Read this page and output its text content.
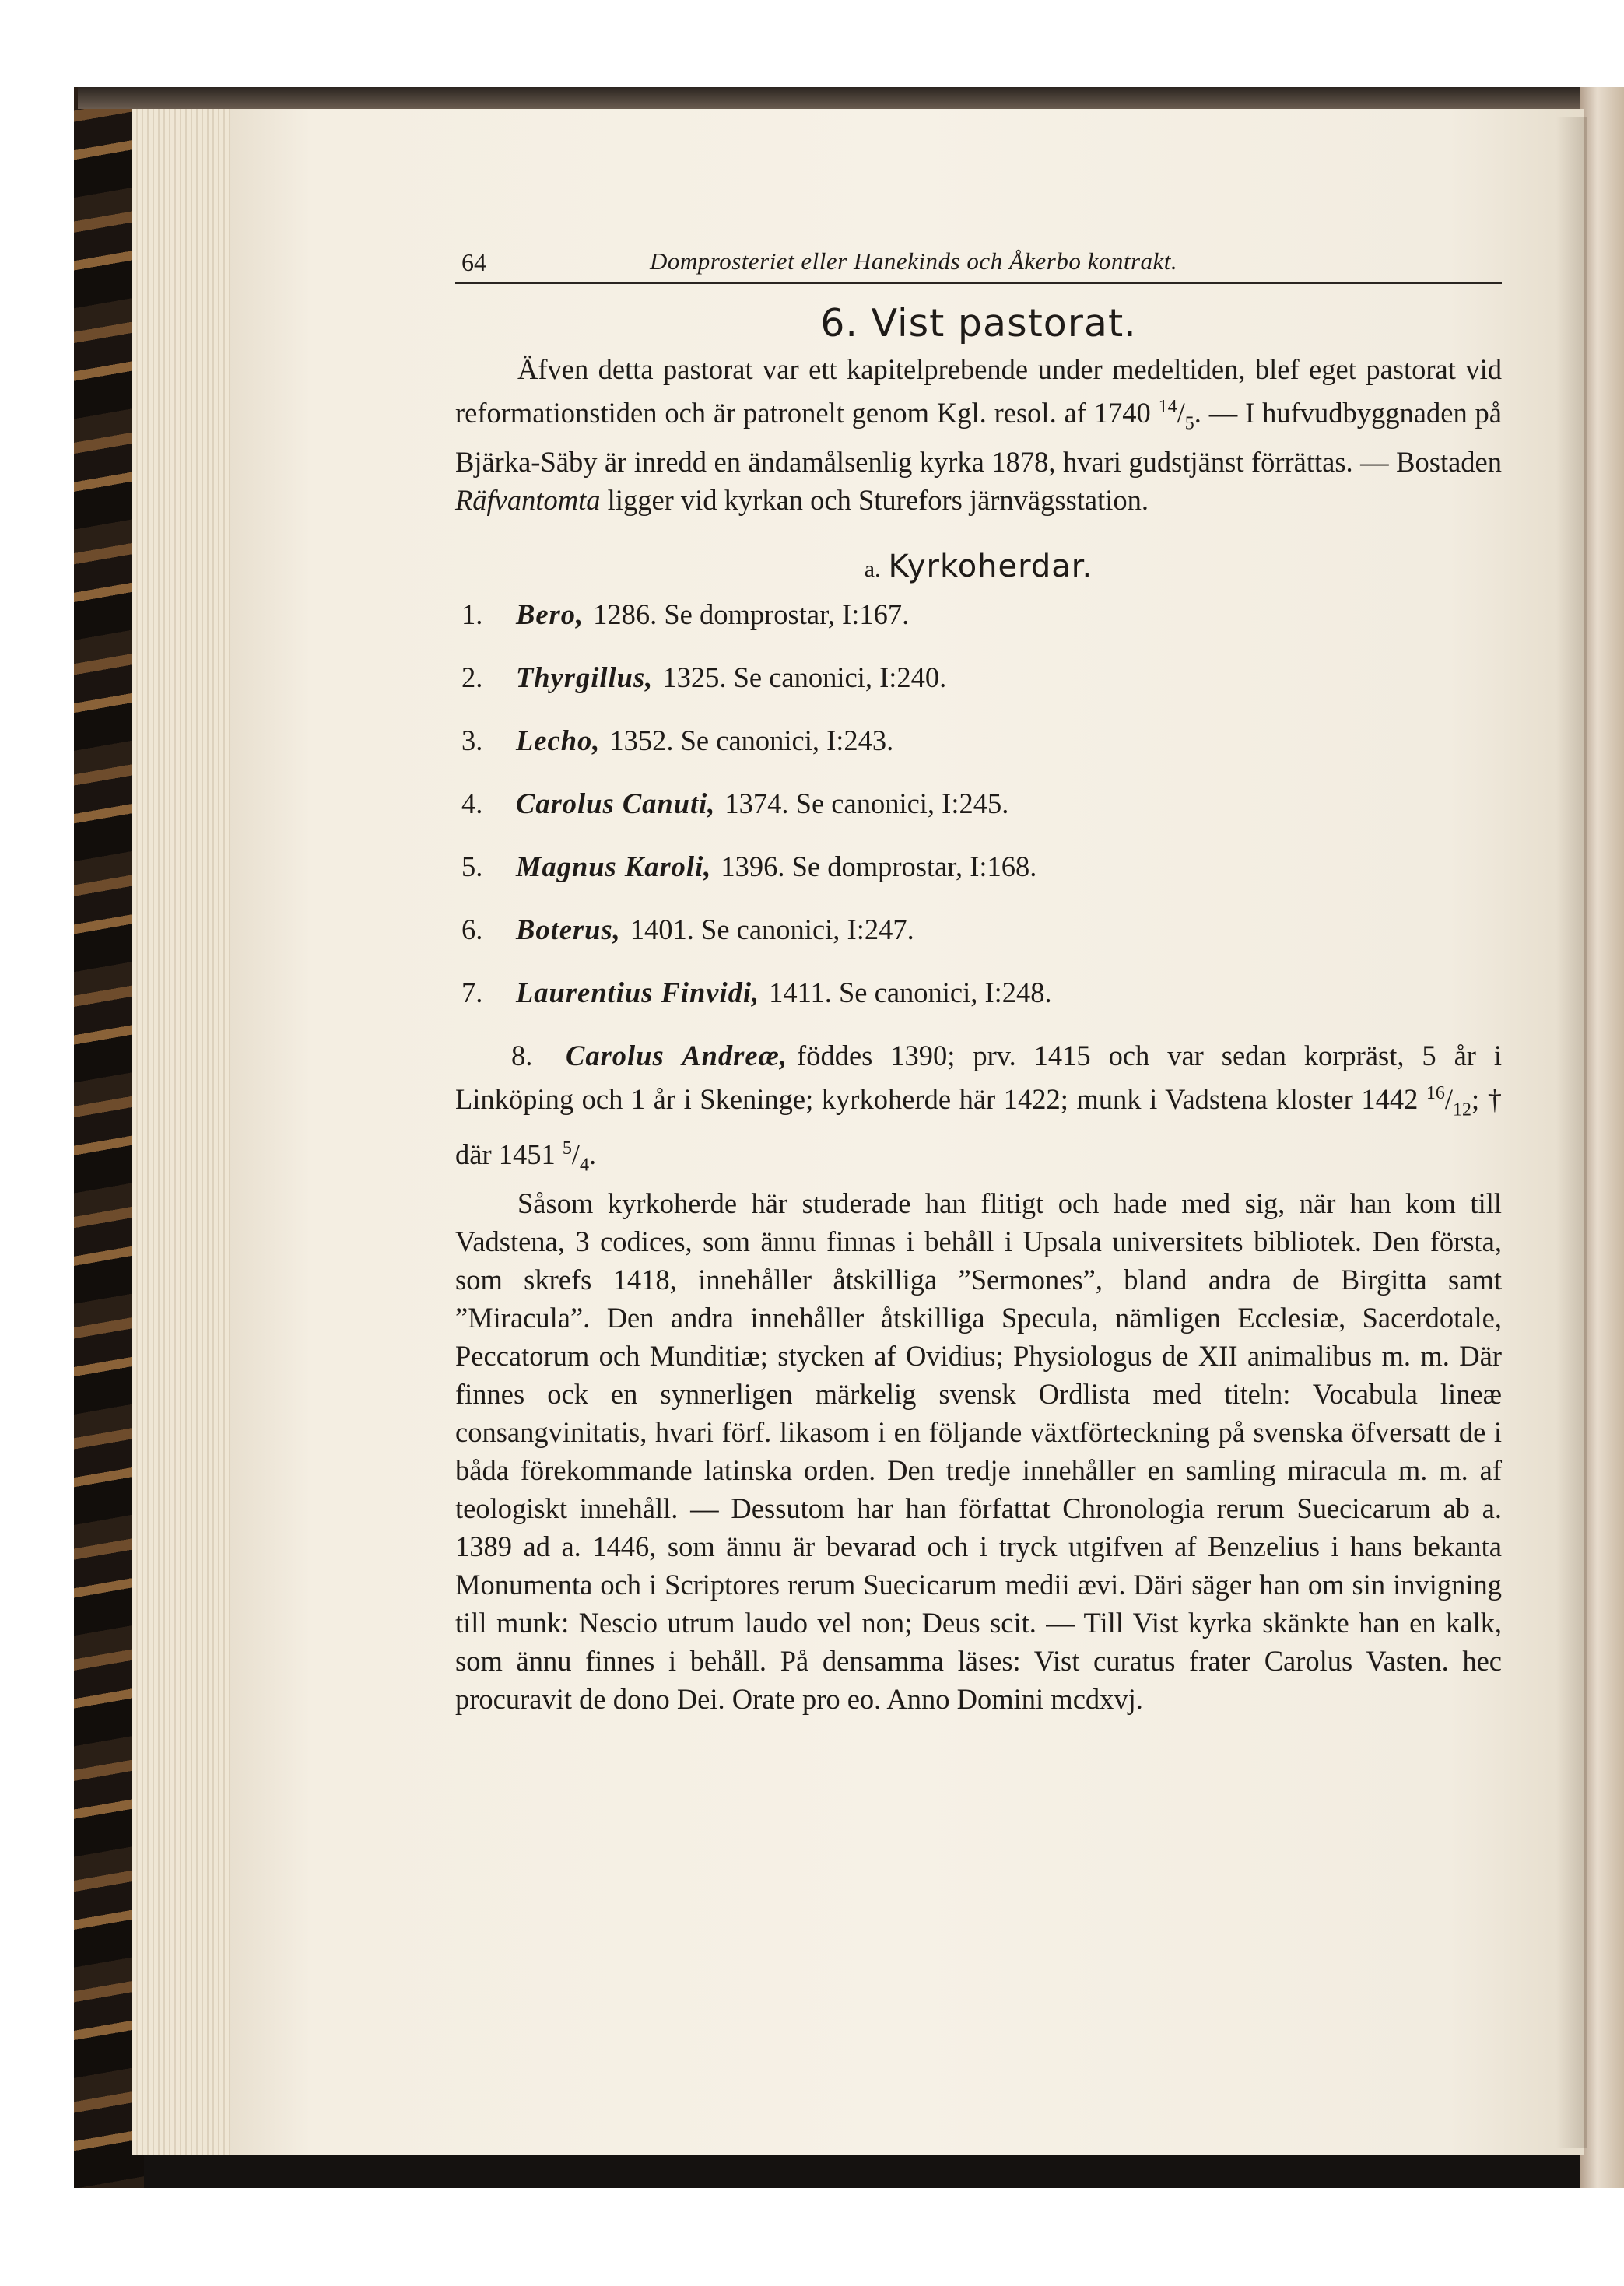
64	Domprosteriet eller Hanekinds och Åkerbo kontrakt.
6. Vist pastorat.

Äfven detta pastorat var ett kapitelprebende under medeltiden, blef eget pastorat vid reformationstiden och är patronelt genom Kgl. resol. af 1740 $^{14}/_5$. — I hufvudbyggnaden på Bjärka-Säby är inredd en ändamålsenlig kyrka 1878, hvari gudstjänst förrättas. — Bostaden Räfvantomta ligger vid kyrkan och Sturefors järnvägsstation.

a. Kyrkoherdar.
1. Bero, 1286. Se domprostar, I:167.
2. Thyrgillus, 1325. Se canonici, I:240.
3. Lecho, 1352. Se canonici, I:243.
4. Carolus Canuti, 1374. Se canonici, I:245.
5. Magnus Karoli, 1396. Se domprostar, I:168.
6. Boterus, 1401. Se canonici, I:247.
7. Laurentius Finvidi, 1411. Se canonici, I:248.
8. Carolus Andreæ, föddes 1390; prv. 1415 och var sedan korpräst, 5 år i Linköping och 1 år i Skeninge; kyrkoherde här 1422; munk i Vadstena kloster 1442 $^{16}/_{12}$; † där 1451 $^5/_4$.

Såsom kyrkoherde här studerade han flitigt och hade med sig, när han kom till Vadstena, 3 codices, som ännu finnas i behåll i Upsala universitets bibliotek. Den första, som skrefs 1418, innehåller åtskilliga ”Sermones”, bland andra de Birgitta samt ”Miracula”. Den andra innehåller åtskilliga Specula, nämligen Ecclesiæ, Sacerdotale, Peccatorum och Munditiæ; stycken af Ovidius; Physiologus de XII animalibus m. m. Där finnes ock en synnerligen märkelig svensk Ordlista med titeln: Vocabula lineæ consangvinitatis, hvari förf. likasom i en följande växtförteckning på svenska öfversatt de i båda förekommande latinska orden. Den tredje innehåller en samling miracula m. m. af teologiskt innehåll. — Dessutom har han författat Chronologia rerum Suecicarum ab a. 1389 ad a. 1446, som ännu är bevarad och i tryck utgifven af Benzelius i hans bekanta Monumenta och i Scriptores rerum Suecicarum medii ævi. Däri säger han om sin invigning till munk: Nescio utrum laudo vel non; Deus scit. — Till Vist kyrka skänkte han en kalk, som ännu finnes i behåll. På densamma läses: Vist curatus frater Carolus Vasten. hec procuravit de dono Dei. Orate pro eo. Anno Domini mcdxvj.
